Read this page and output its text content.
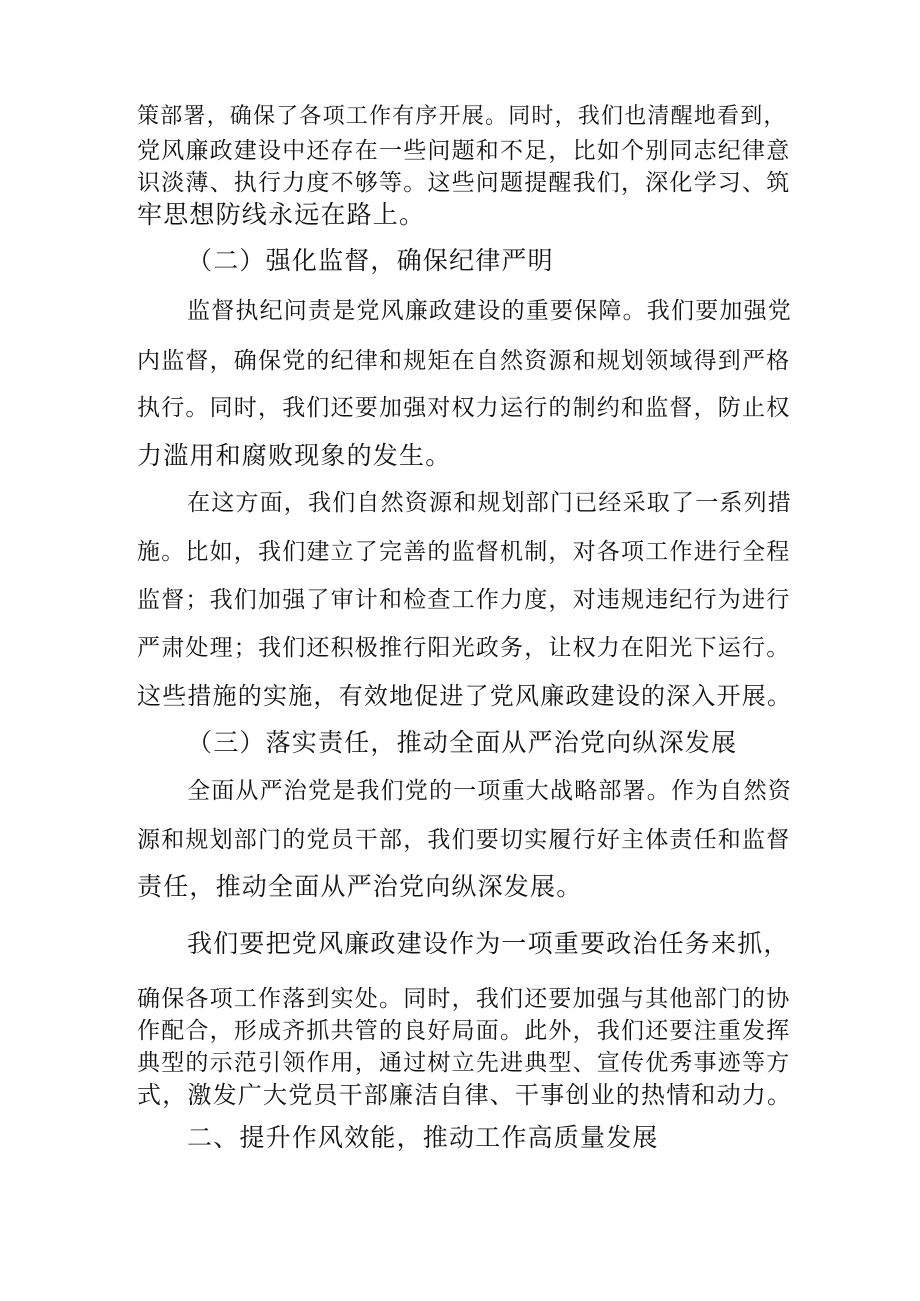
策部署，确保了各项工作有序开展。同时，我们也清醒地看到，
党风廉政建设中还存在一些问题和不足，比如个别同志纪律意
识淡薄、执行力度不够等。这些问题提醒我们，深化学习、筑
牢思想防线永远在路上。
（二）强化监督，确保纪律严明
监督执纪问责是党风廉政建设的重要保障。我们要加强党
内监督，确保党的纪律和规矩在自然资源和规划领域得到严格
执行。同时，我们还要加强对权力运行的制约和监督，防止权
力滥用和腐败现象的发生。
在这方面，我们自然资源和规划部门已经采取了一系列措
施。比如，我们建立了完善的监督机制，对各项工作进行全程
监督；我们加强了审计和检查工作力度，对违规违纪行为进行
严肃处理；我们还积极推行阳光政务，让权力在阳光下运行。
这些措施的实施，有效地促进了党风廉政建设的深入开展。
（三）落实责任，推动全面从严治党向纵深发展
全面从严治党是我们党的一项重大战略部署。作为自然资
源和规划部门的党员干部，我们要切实履行好主体责任和监督
责任，推动全面从严治党向纵深发展。
我们要把党风廉政建设作为一项重要政治任务来抓，
确保各项工作落到实处。同时，我们还要加强与其他部门的协
作配合，形成齐抓共管的良好局面。此外，我们还要注重发挥
典型的示范引领作用，通过树立先进典型、宣传优秀事迹等方
式，激发广大党员干部廉洁自律、干事创业的热情和动力。
二、提升作风效能，推动工作高质量发展
